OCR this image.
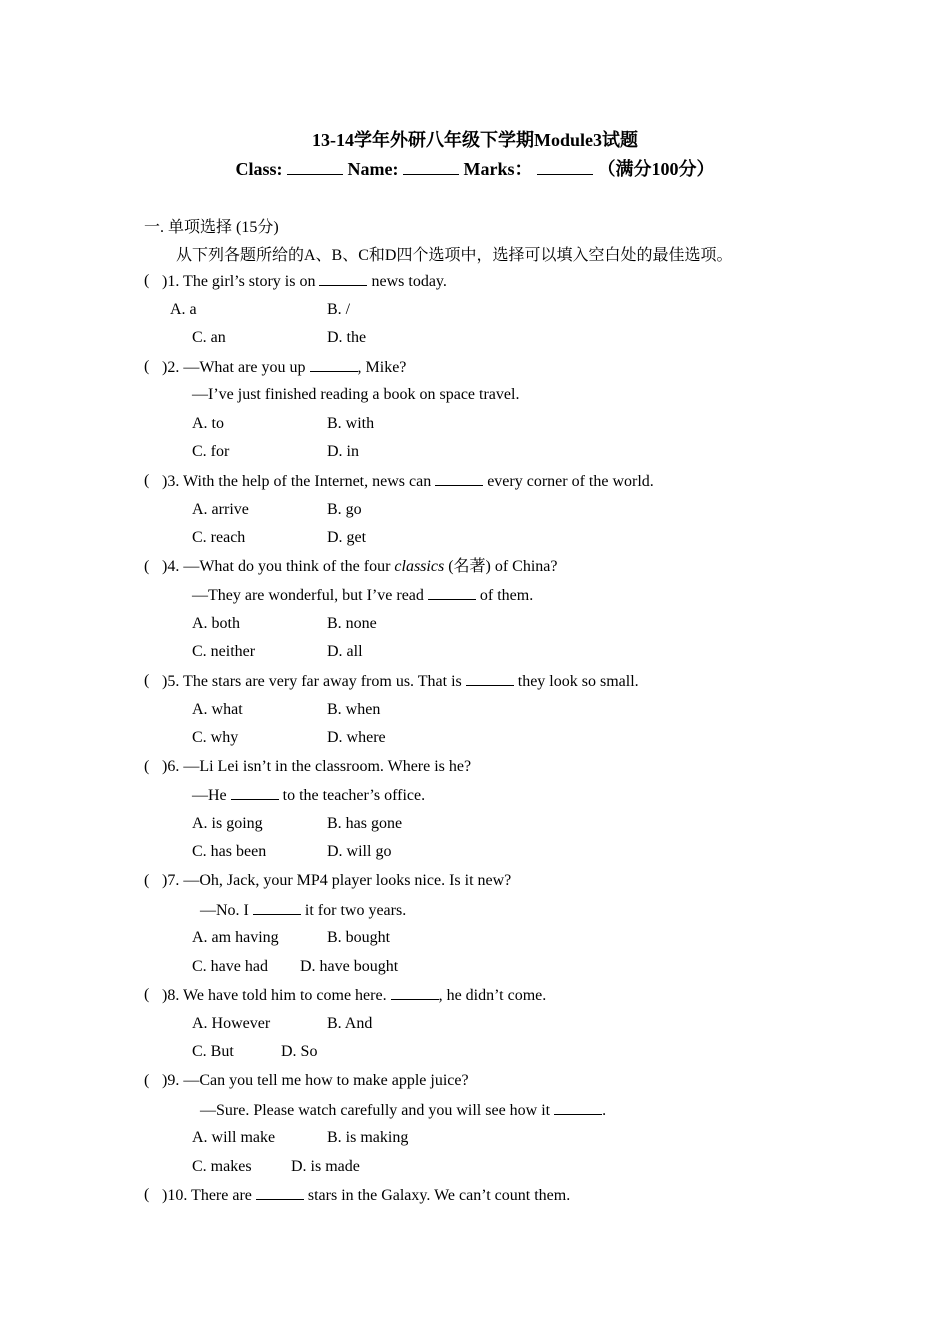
13-14学年外研八年级下学期Module3试题
Class:	Name:	Marks：	（满分100分）
一. 单项选择 (15分)
从下列各题所给的A、B、C和D四个选项中，选择可以填入空白处的最佳选项。
( )1. The girl’s story is on	news today.
A. a	B. /
C. an	D. the
( )2. —What are you up	, Mike?
—I’ve just finished reading a book on space travel.
A. to	B. with
C. for	D. in
( )3. With the help of the Internet, news can	every corner of the world.
A. arrive	B. go
C. reach	D. get
( )4. —What do you think of the four classics (名著) of China?
—They are wonderful, but I’ve read	of them.
A. both	B. none
C. neither	D. all
( )5. The stars are very far away from us. That is	they look so small.
A. what	B. when
C. why	D. where
( )6. —Li Lei isn’t in the classroom. Where is he?
—He	to the teacher’s office.
A. is going	B. has gone
C. has been	D. will go
( )7. —Oh, Jack, your MP4 player looks nice. Is it new?
—No. I	it for two years.
A. am having	B. bought
C. have had D. have bought
( )8. We have told him to come here.	, he didn’t come.
A. However	B. And
C. But	D. So
( )9. —Can you tell me how to make apple juice?
—Sure. Please watch carefully and you will see how it	.
A. will make	B. is making
C. makes D. is made
( )10. There are	stars in the Galaxy. We can’t count them.
